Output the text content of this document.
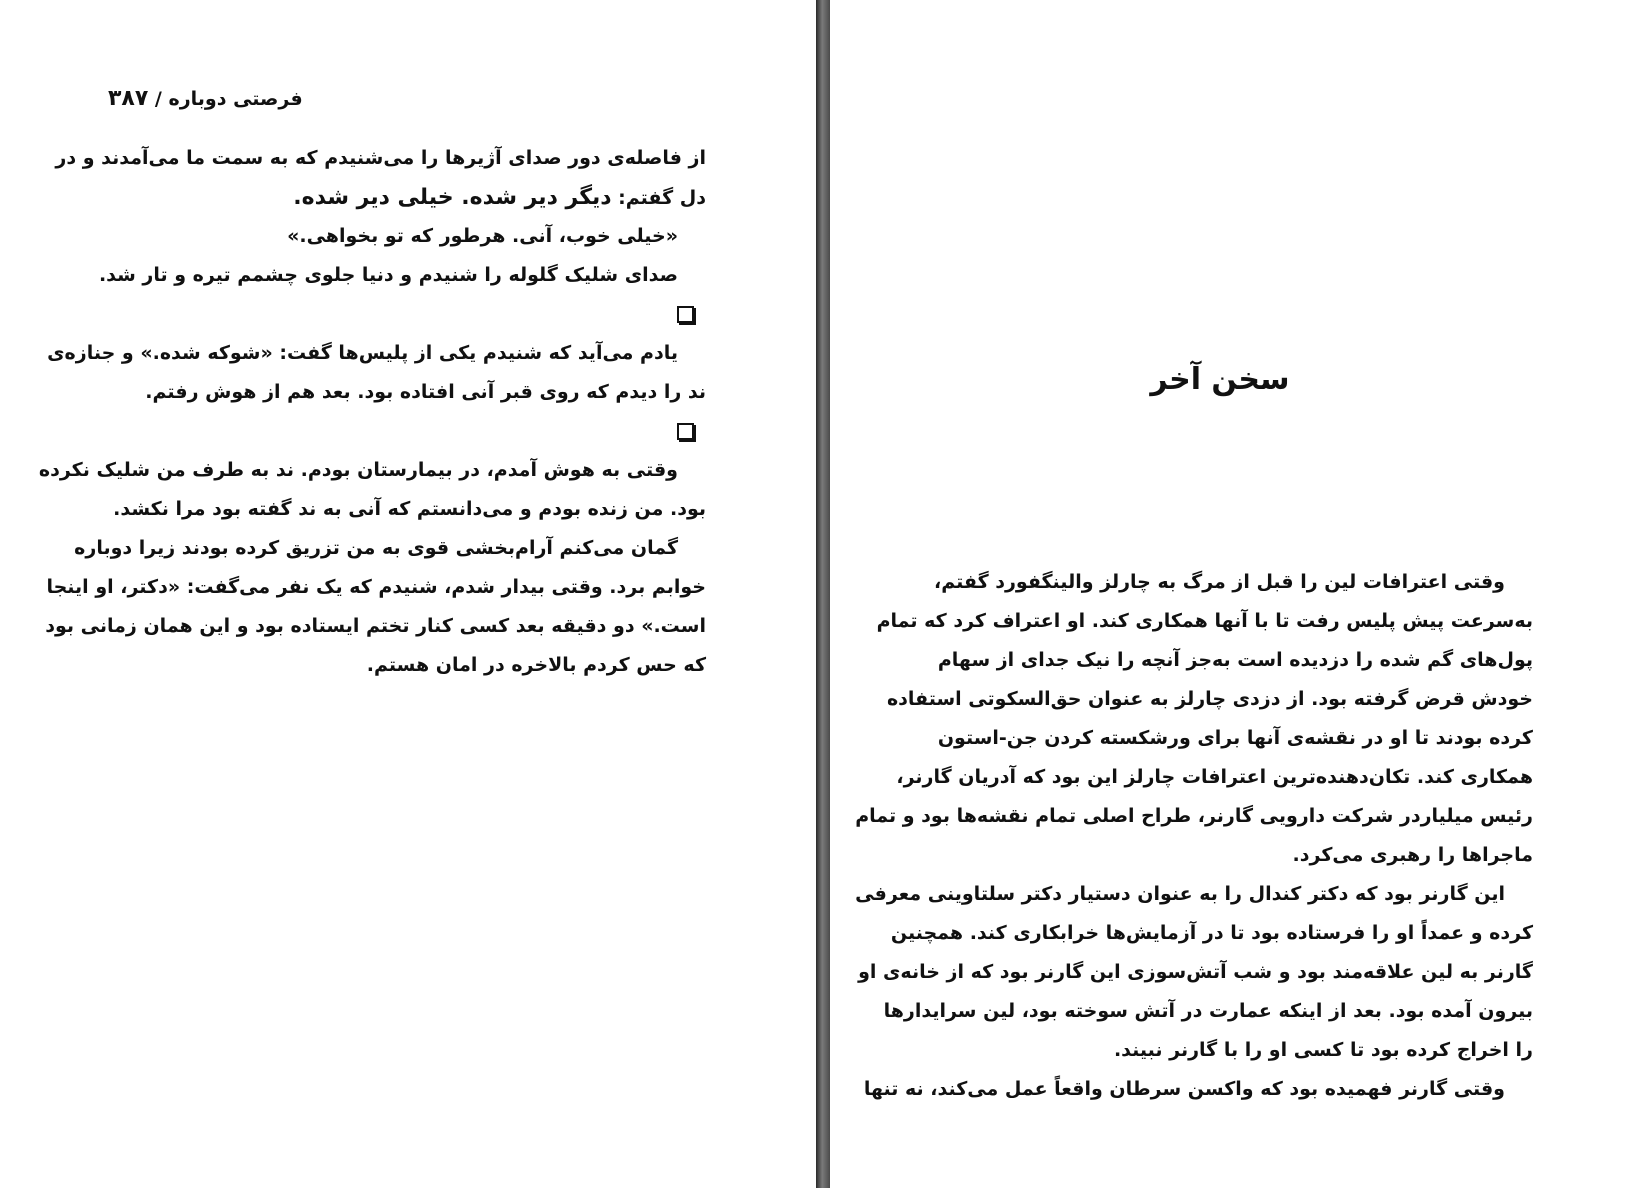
فرصتی دوباره / ۳۸۷
از فاصله‌ی دور صدای آژیرها را می‌شنیدم که به سمت ما می‌آمدند و در
دل گفتم: دیگر دیر شده. خیلی دیر شده.
«خیلی خوب، آنی. هرطور که تو بخواهی.»
صدای شلیک گلوله را شنیدم و دنیا جلوی چشمم تیره و تار شد.
یادم می‌آید که شنیدم یکی از پلیس‌ها گفت: «شوکه شده.» و جنازه‌ی
ند را دیدم که روی قبر آنی افتاده بود. بعد هم از هوش رفتم.
وقتی به هوش آمدم، در بیمارستان بودم. ند به طرف من شلیک نکرده
بود. من زنده بودم و می‌دانستم که آنی به ند گفته بود مرا نکشد.
گمان می‌کنم آرام‌بخشی قوی به من تزریق کرده بودند زیرا دوباره
خوابم برد. وقتی بیدار شدم، شنیدم که یک نفر می‌گفت: «دکتر، او اینجا
است.» دو دقیقه بعد کسی کنار تختم ایستاده بود و این همان زمانی بود
که حس کردم بالاخره در امان هستم.
سخن آخر
وقتی اعترافات لین را قبل از مرگ به چارلز والینگفورد گفتم،
به‌سرعت پیش پلیس رفت تا با آنها همکاری کند. او اعتراف کرد که تمام
پول‌های گم شده را دزدیده است به‌جز آنچه را نیک جدای از سهام
خودش قرض گرفته بود. از دزدی چارلز به عنوان حق‌السکوتی استفاده
کرده بودند تا او در نقشه‌ی آنها برای ورشکسته کردن جن-استون
همکاری کند. تکان‌دهنده‌ترین اعترافات چارلز این بود که آدریان گارنر،
رئیس میلیاردر شرکت دارویی گارنر، طراح اصلی تمام نقشه‌ها بود و تمام
ماجراها را رهبری می‌کرد.
این گارنر بود که دکتر کندال را به عنوان دستیار دکتر سلتاوینی معرفی
کرده و عمداً او را فرستاده بود تا در آزمایش‌ها خرابکاری کند. همچنین
گارنر به لین علاقه‌مند بود و شب آتش‌سوزی این گارنر بود که از خانه‌ی او
بیرون آمده بود. بعد از اینکه عمارت در آتش سوخته بود، لین سرایدارها
را اخراج کرده بود تا کسی او را با گارنر نبیند.
وقتی گارنر فهمیده بود که واکسن سرطان واقعاً عمل می‌کند، نه تنها
